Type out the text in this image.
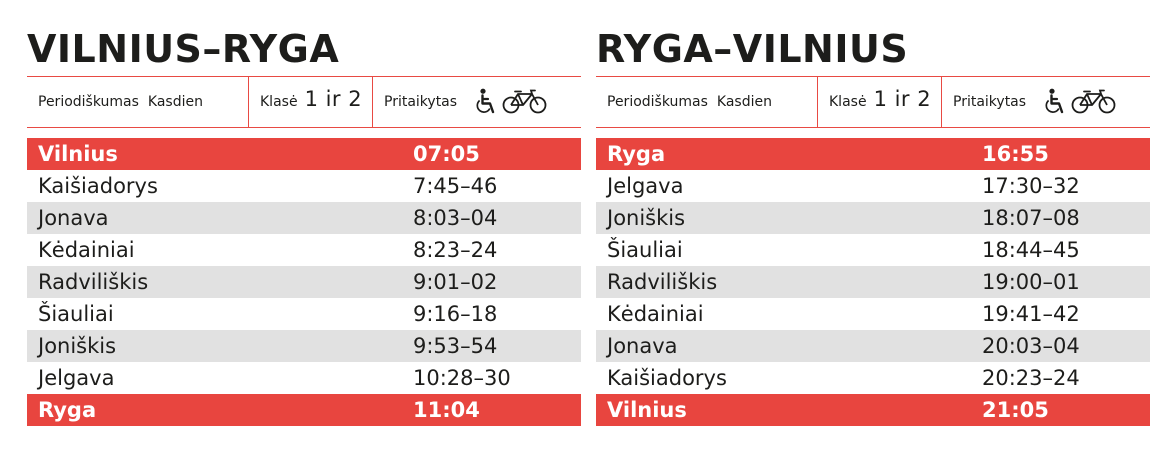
VILNIUS–RYGA
Periodiškumas Kasdien	Klasė 1 ir 2 Pritaikytas
Vilnius	07:05
Kaišiadorys	7:45–46
Jonava	8:03–04
Kėdainiai	8:23–24
Radviliškis	9:01–02
Šiauliai	9:16–18
Joniškis	9:53–54
Jelgava	10:28–30
Ryga	11:04
RYGA–VILNIUS
Periodiškumas Kasdien	Klasė 1 ir 2 Pritaikytas
Ryga	16:55
Jelgava	17:30–32
Joniškis	18:07–08
Šiauliai	18:44–45
Radviliškis	19:00–01
Kėdainiai	19:41–42
Jonava	20:03–04
Kaišiadorys	20:23–24
Vilnius	21:05
